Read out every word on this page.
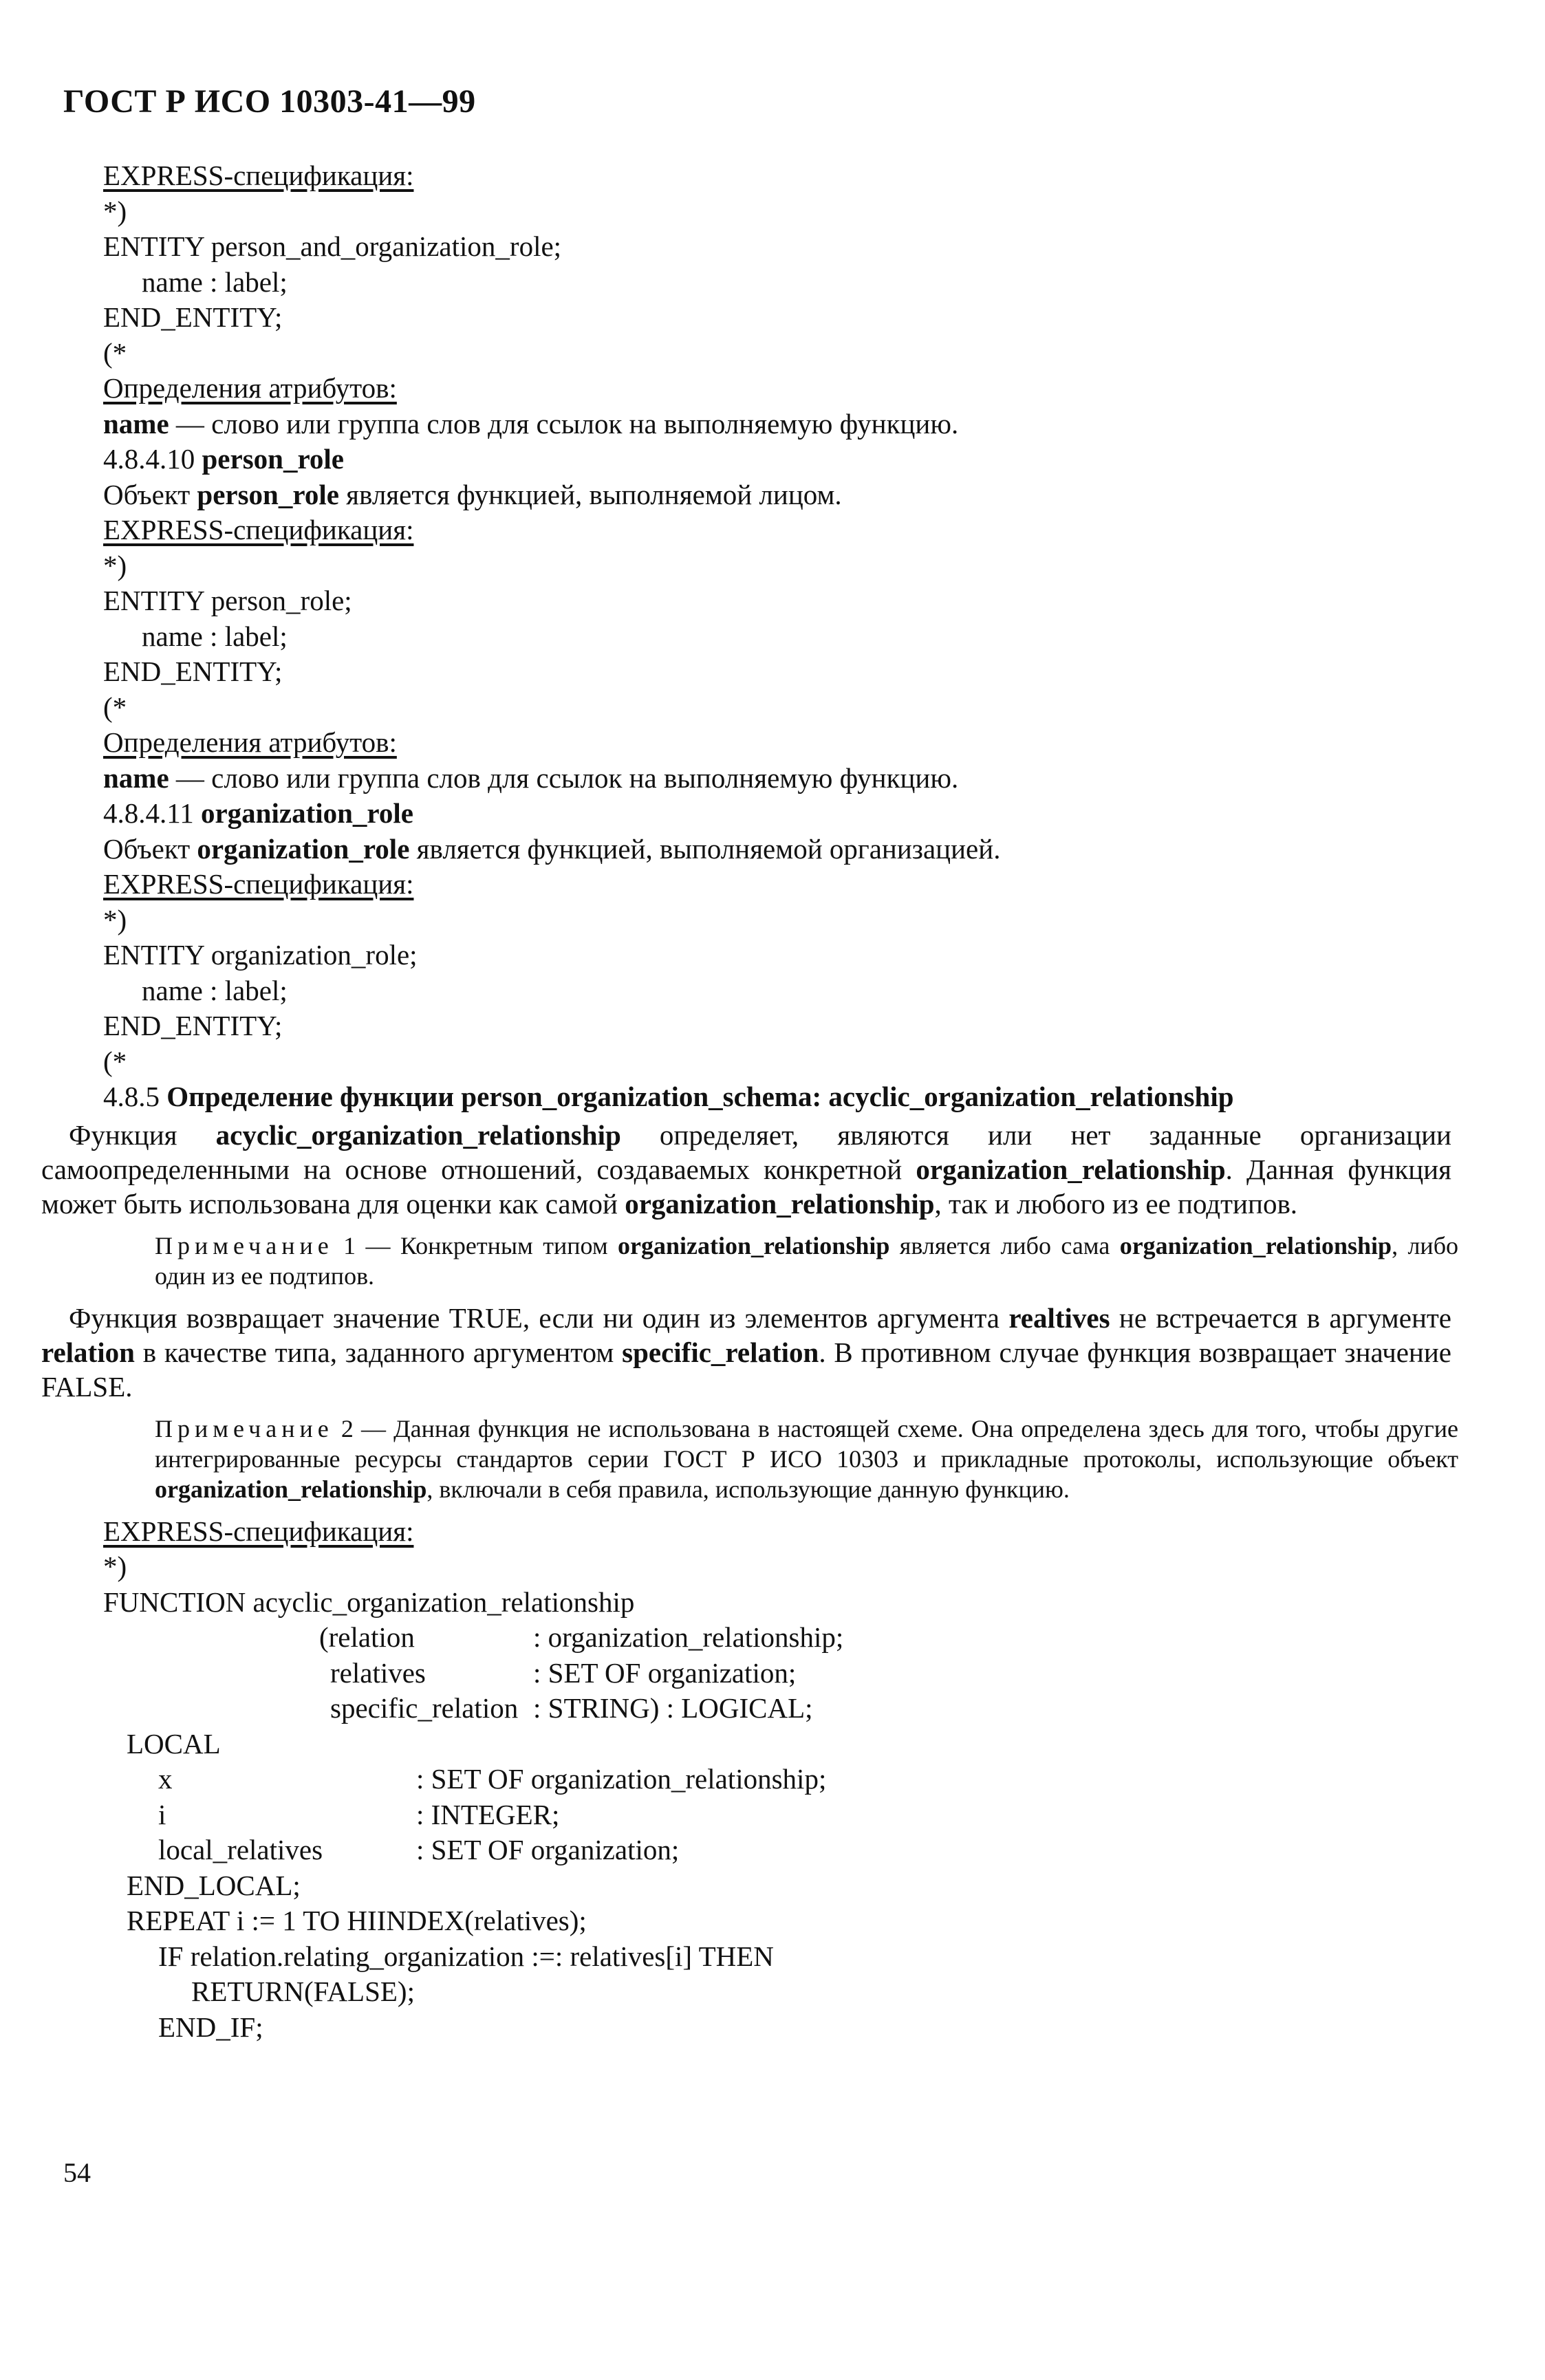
ГОСТ Р ИСО 10303-41—99
EXPRESS-спецификация:
*)
ENTITY person_and_organization_role;
name : label;
END_ENTITY;
(*
Определения атрибутов:
name — слово или группа слов для ссылок на выполняемую функцию.
4.8.4.10 person_role
Объект person_role является функцией, выполняемой лицом.
EXPRESS-спецификация:
*)
ENTITY person_role;
name : label;
END_ENTITY;
(*
Определения атрибутов:
name — слово или группа слов для ссылок на выполняемую функцию.
4.8.4.11 organization_role
Объект organization_role является функцией, выполняемой организацией.
EXPRESS-спецификация:
*)
ENTITY organization_role;
name : label;
END_ENTITY;
(*
4.8.5 Определение функции person_organization_schema: acyclic_organization_relationship
Функция acyclic_organization_relationship определяет, являются или нет заданные организации самоопределенными на основе отношений, создаваемых конкретной organization_relationship. Данная функция может быть использована для оценки как самой organization_relationship, так и любого из ее подтипов.
Примечание 1 — Конкретным типом organization_relationship является либо сама organization_relationship, либо один из ее подтипов.
Функция возвращает значение TRUE, если ни один из элементов аргумента realtives не встречается в аргументе relation в качестве типа, заданного аргументом specific_relation. В противном случае функция возвращает значение FALSE.
Примечание 2 — Данная функция не использована в настоящей схеме. Она определена здесь для того, чтобы другие интегрированные ресурсы стандартов серии ГОСТ Р ИСО 10303 и прикладные протоколы, использующие объект organization_relationship, включали в себя правила, использующие данную функцию.
EXPRESS-спецификация:
*)
FUNCTION acyclic_organization_relationship
(relation	: organization_relationship;
relatives	: SET OF organization;
specific_relation : STRING) : LOGICAL;
LOCAL
x	: SET OF organization_relationship;
i	: INTEGER;
local_relatives	: SET OF organization;
END_LOCAL;
REPEAT i := 1 TO HIINDEX(relatives);
IF relation.relating_organization :=: relatives[i] THEN
RETURN(FALSE);
END_IF;
54
